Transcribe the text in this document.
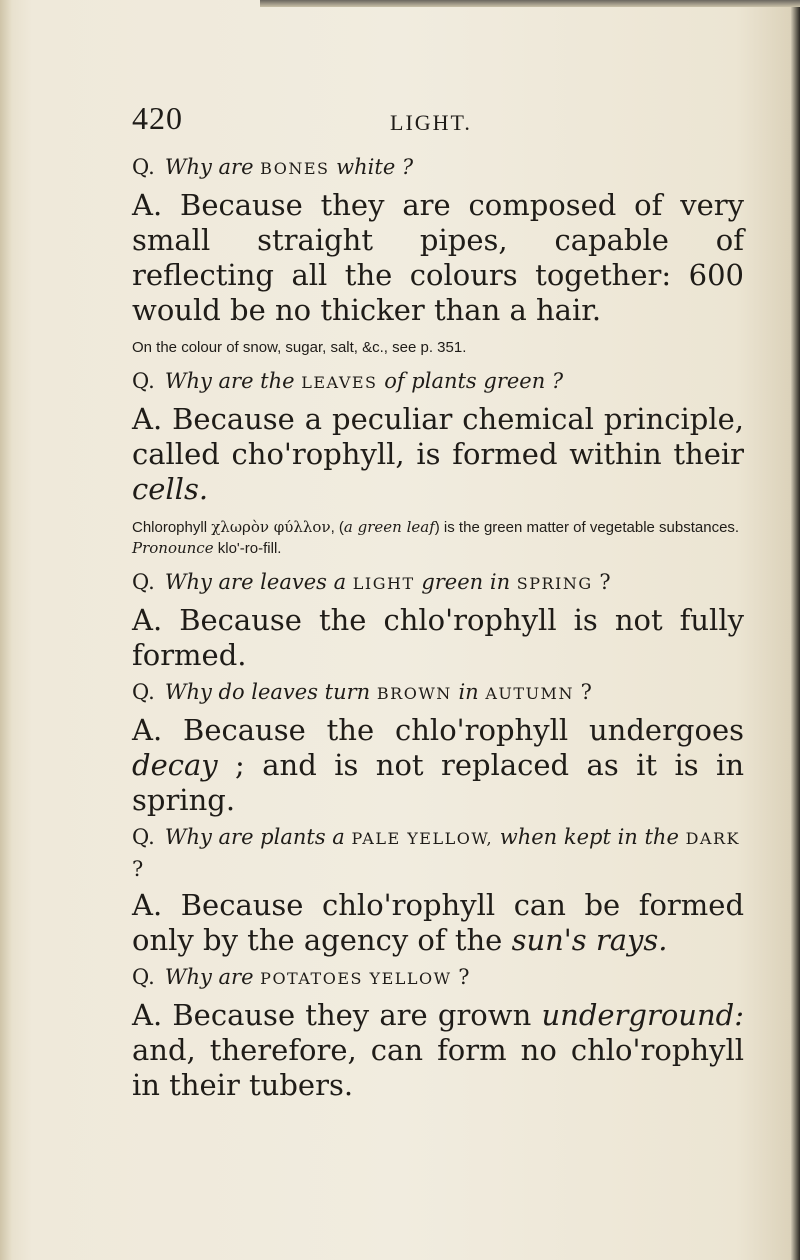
420	LIGHT.

Q. Why are BONES white ?

A. Because they are composed of very small straight pipes, capable of reflecting all the colours together: 600 would be no thicker than a hair.

On the colour of snow, sugar, salt, &c., see p. 351.

Q. Why are the LEAVES of plants green ?

A. Because a peculiar chemical principle, called cho'rophyll, is formed within their cells.

Chlorophyll χλωρὸν φύλλον, (a green leaf) is the green matter of vegetable substances. Pronounce klo'-ro-fill.

Q. Why are leaves a LIGHT green in SPRING ?

A. Because the chlo'rophyll is not fully formed.

Q. Why do leaves turn BROWN in AUTUMN ?

A. Because the chlo'rophyll undergoes decay ; and is not replaced as it is in spring.

Q. Why are plants a PALE YELLOW, when kept in the DARK ?

A. Because chlo'rophyll can be formed only by the agency of the sun's rays.

Q. Why are POTATOES YELLOW ?

A. Because they are grown underground: and, therefore, can form no chlo'rophyll in their tubers.
